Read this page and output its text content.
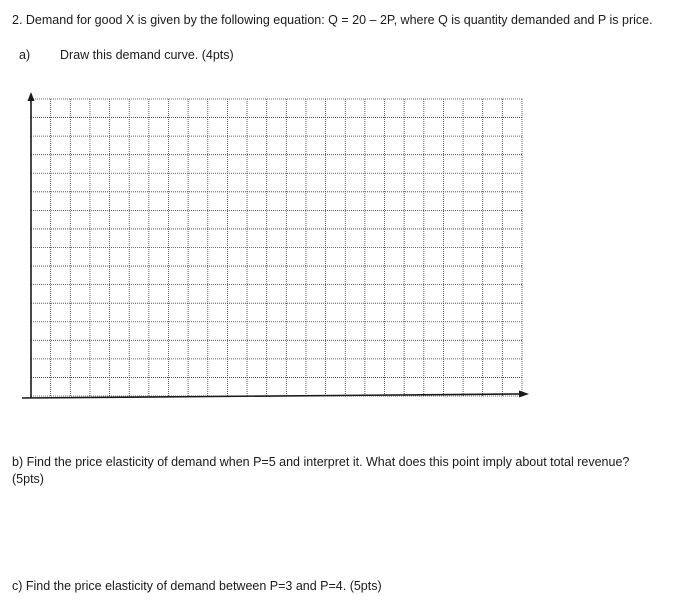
2. Demand for good X is given by the following equation: Q = 20 – 2P, where Q is quantity demanded and P is price.

a) Draw this demand curve. (4pts)

b) Find the price elasticity of demand when P=5 and interpret it. What does this point imply about total revenue? (5pts)

c) Find the price elasticity of demand between P=3 and P=4. (5pts)
